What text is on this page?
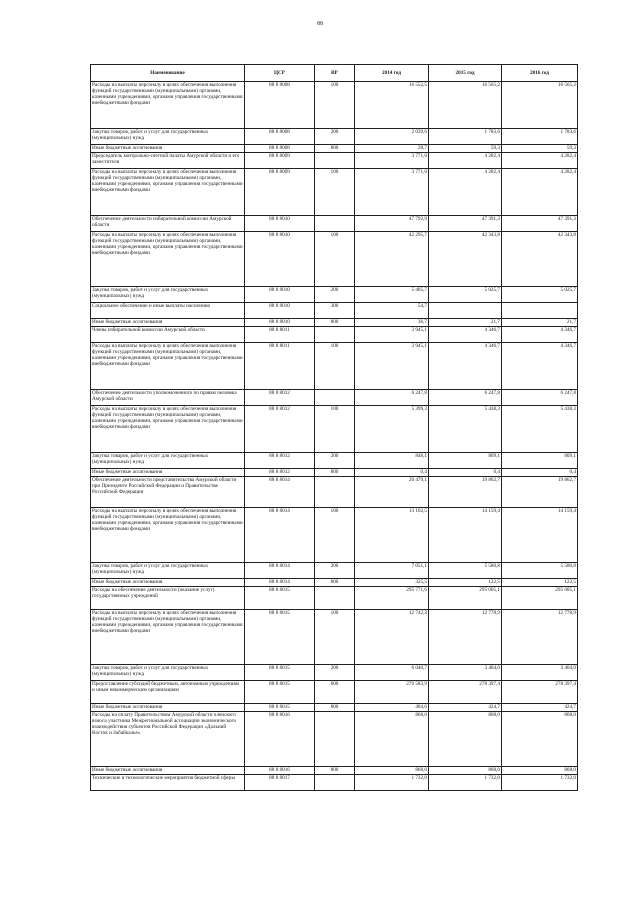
88
Наименование	ЦСР	ВР	2014 год	2015 год	2016 год
Расходы на выплаты персоналу в целях обеспечения выполнения функций государственными (муниципальными) органами, казенными учреждениями, органами управления государственными внебюджетными фондами	88 8 8008	100	16 552,5	16 565,2	16 565,2
Закупка товаров, работ и услуг для государственных (муниципальных) нужд	88 8 8008	200	2 039,6	1 783,6	1 783,6
Иные бюджетные ассигнования	88 8 8008	800	28,7	59,3	59,3
Председатель контрольно-счетной палаты Амурской области и его заместители	88 8 8009		3 771,0	4 282,4	4 282,4
Расходы на выплаты персоналу в целях обеспечения выполнения функций государственными (муниципальными) органами, казенными учреждениями, органами управления государственными внебюджетными фондами	88 8 8009	100	3 771,0	4 282,4	4 282,4
Обеспечение деятельности избирательной комиссии Амурской области	88 8 8010		47 792,9	47 391,3	47 391,3
Расходы на выплаты персоналу в целях обеспечения выполнения функций государственными (муниципальными) органами, казенными учреждениями, органами управления государственными внебюджетными фондами	88 8 8010	100	42 295,7	42 343,8	42 343,8
Закупка товаров, работ и услуг для государственных (муниципальных) нужд	88 8 8010	200	5 405,7	5 025,7	5 025,7
Социальное обеспечение и иные выплаты населению	88 8 8010	300	54,7		
Иные бюджетные ассигнования	88 8 8010	800	36,7	21,7	21,7
Члены избирательной комиссии Амурской области	88 8 8011		3 945,1	4 346,7	4 346,7
Расходы на выплаты персоналу в целях обеспечения выполнения функций государственными (муниципальными) органами, казенными учреждениями, органами управления государственными внебюджетными фондами	88 8 8011	100	3 945,1	4 346,7	4 346,7
Обеспечение деятельности уполномоченного по правам человека Амурской области	88 8 8012		6 247,8	6 247,8	6 247,8
Расходы на выплаты персоналу в целях обеспечения выполнения функций государственными (муниципальными) органами, казенными учреждениями, органами управления государственными внебюджетными фондами	88 8 8012	100	5 399,3	5 438,3	5 438,3
Закупка товаров, работ и услуг для государственных (муниципальных) нужд	88 8 8012	200	848,1	809,1	809,1
Иные бюджетные ассигнования	88 8 8012	800	0,4	0,4	0,4
Обеспечение деятельности представительства Амурской области при Президенте Российской Федерации и Правительстве Российской Федерации	88 8 8014		20 479,1	19 862,7	19 862,7
Расходы на выплаты персоналу в целях обеспечения выполнения функций государственными (муниципальными) органами, казенными учреждениями, органами управления государственными внебюджетными фондами	88 8 8014	100	13 102,5	14 159,4	14 159,4
Закупка товаров, работ и услуг для государственных (муниципальных) нужд	88 8 8014	200	7 051,1	5 580,8	5 580,8
Иные бюджетные ассигнования	88 8 8014	800	325,5	122,5	122,5
Расходы на обеспечение деятельности (оказание услуг) государственных учреждений	88 8 8015		295 771,6	295 005,1	295 005,1
Расходы на выплаты персоналу в целях обеспечения выполнения функций государственными (муниципальными) органами, казенными учреждениями, органами управления государственными внебюджетными фондами	88 8 8015	100	12 742,3	12 778,9	12 778,9
Закупка товаров, работ и услуг для государственных (муниципальных) нужд	88 8 8015	200	6 040,7	3 404,0	3 404,0
Предоставление субсидий бюджетным, автономным учреждениям и иным некоммерческим организациям	88 8 8015	600	276 583,9	278 397,4	278 397,4
Иные бюджетные ассигнования	88 8 8015	800	404,6	424,7	424,7
Расходы на оплату Правительством Амурской области членского взноса участника Межрегиональной ассоциации экономического взаимодействия субъектов Российской Федерации «Дальний Восток и Забайкалье»	88 8 8016		868,0	868,0	868,0
Иные бюджетные ассигнования	88 8 8016	800	868,0	868,0	868,0
Технические и технологические мероприятия бюджетной сферы	88 8 8017		1 732,0	1 732,0	1 732,0
